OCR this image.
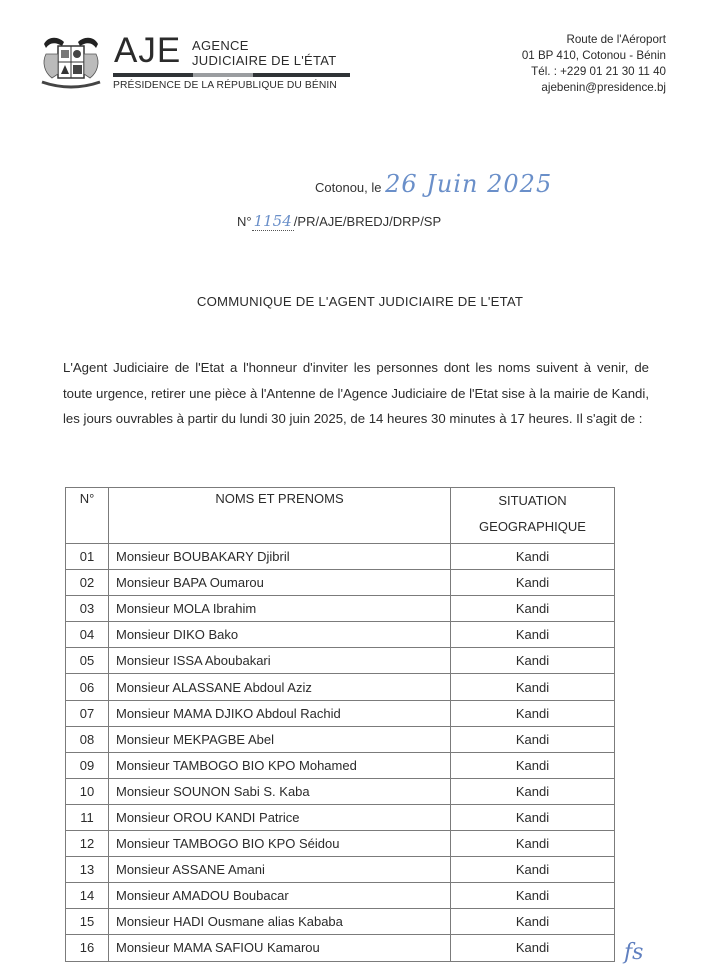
AJE AGENCE
JUDICIAIRE DE L'ÉTAT
PRÉSIDENCE DE LA RÉPUBLIQUE DU BÉNIN
Route de l'Aéroport
01 BP 410, Cotonou - Bénin
Tél. : +229 01 21 30 11 40
ajebenin@presidence.bj
Cotonou, le 26 Juin 2025
N° 1154 /PR/AJE/BREDJ/DRP/SP
COMMUNIQUE DE L'AGENT JUDICIAIRE DE L'ETAT
L'Agent Judiciaire de l'Etat a l'honneur d'inviter les personnes dont les noms suivent à venir, de toute urgence, retirer une pièce à l'Antenne de l'Agence Judiciaire de l'Etat sise à la mairie de Kandi, les jours ouvrables à partir du lundi 30 juin 2025, de 14 heures 30 minutes à 17 heures. Il s'agit de :
N°	NOMS ET PRENOMS	SITUATION
GEOGRAPHIQUE

01	Monsieur BOUBAKARY Djibril	Kandi
02	Monsieur BAPA Oumarou	Kandi
03	Monsieur MOLA Ibrahim	Kandi
04	Monsieur DIKO Bako	Kandi
05	Monsieur ISSA Aboubakari	Kandi
06	Monsieur ALASSANE Abdoul Aziz	Kandi
07	Monsieur MAMA DJIKO Abdoul Rachid	Kandi
08	Monsieur MEKPAGBE Abel	Kandi
09	Monsieur TAMBOGO BIO KPO Mohamed	Kandi
10	Monsieur SOUNON Sabi S. Kaba	Kandi
11	Monsieur OROU KANDI Patrice	Kandi
12	Monsieur TAMBOGO BIO KPO Séidou	Kandi
13	Monsieur ASSANE Amani	Kandi
14	Monsieur AMADOU Boubacar	Kandi
15	Monsieur HADI Ousmane alias Kababa	Kandi
16	Monsieur MAMA SAFIOU Kamarou	Kandi	fs
